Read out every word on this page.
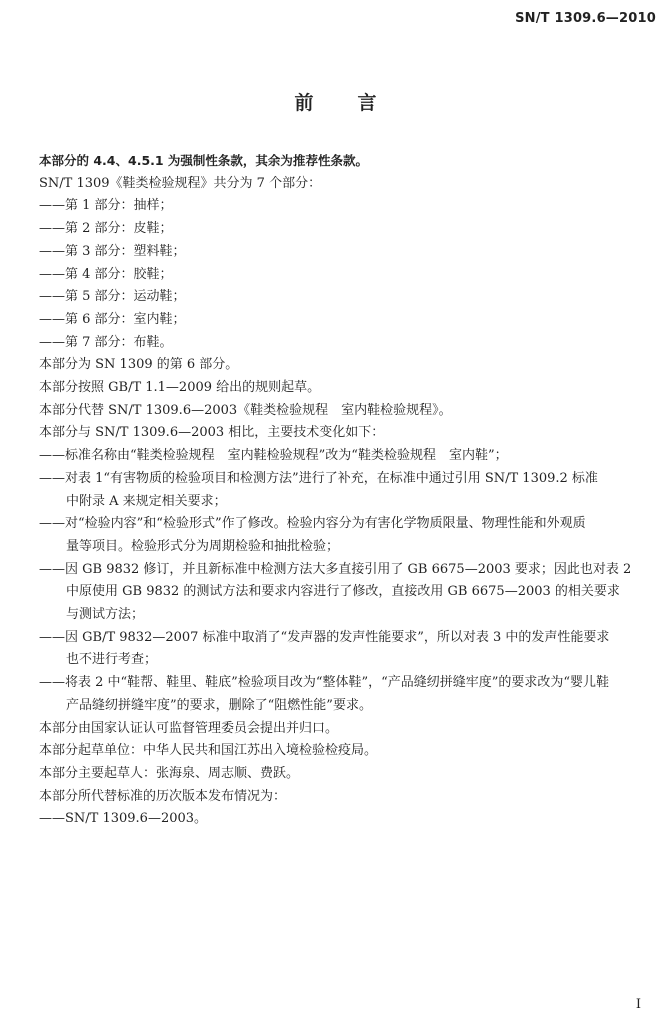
SN/T 1309.6—2010
前言
本部分的 4.4、4.5.1 为强制性条款，其余为推荐性条款。
SN/T 1309《鞋类检验规程》共分为 7 个部分：
——第 1 部分：抽样；
——第 2 部分：皮鞋；
——第 3 部分：塑料鞋；
——第 4 部分：胶鞋；
——第 5 部分：运动鞋；
——第 6 部分：室内鞋；
——第 7 部分：布鞋。
本部分为 SN 1309 的第 6 部分。
本部分按照 GB/T 1.1—2009 给出的规则起草。
本部分代替 SN/T 1309.6—2003《鞋类检验规程　室内鞋检验规程》。
本部分与 SN/T 1309.6—2003 相比，主要技术变化如下：
——标准名称由“鞋类检验规程　室内鞋检验规程”改为“鞋类检验规程　室内鞋”；
——对表 1“有害物质的检验项目和检测方法”进行了补充，在标准中通过引用 SN/T 1309.2 标准
中附录 A 来规定相关要求；
——对“检验内容”和“检验形式”作了修改。检验内容分为有害化学物质限量、物理性能和外观质
量等项目。检验形式分为周期检验和抽批检验；
——因 GB 9832 修订，并且新标准中检测方法大多直接引用了 GB 6675—2003 要求；因此也对表 2
中原使用 GB 9832 的测试方法和要求内容进行了修改，直接改用 GB 6675—2003 的相关要求
与测试方法；
——因 GB/T 9832—2007 标准中取消了“发声器的发声性能要求”，所以对表 3 中的发声性能要求
也不进行考查；
——将表 2 中“鞋帮、鞋里、鞋底”检验项目改为“整体鞋”，“产品缝纫拼缝牢度”的要求改为“婴儿鞋
产品缝纫拼缝牢度”的要求，删除了“阻燃性能”要求。
本部分由国家认证认可监督管理委员会提出并归口。
本部分起草单位：中华人民共和国江苏出入境检验检疫局。
本部分主要起草人：张海泉、周志顺、费跃。
本部分所代替标准的历次版本发布情况为：
——SN/T 1309.6—2003。
I
